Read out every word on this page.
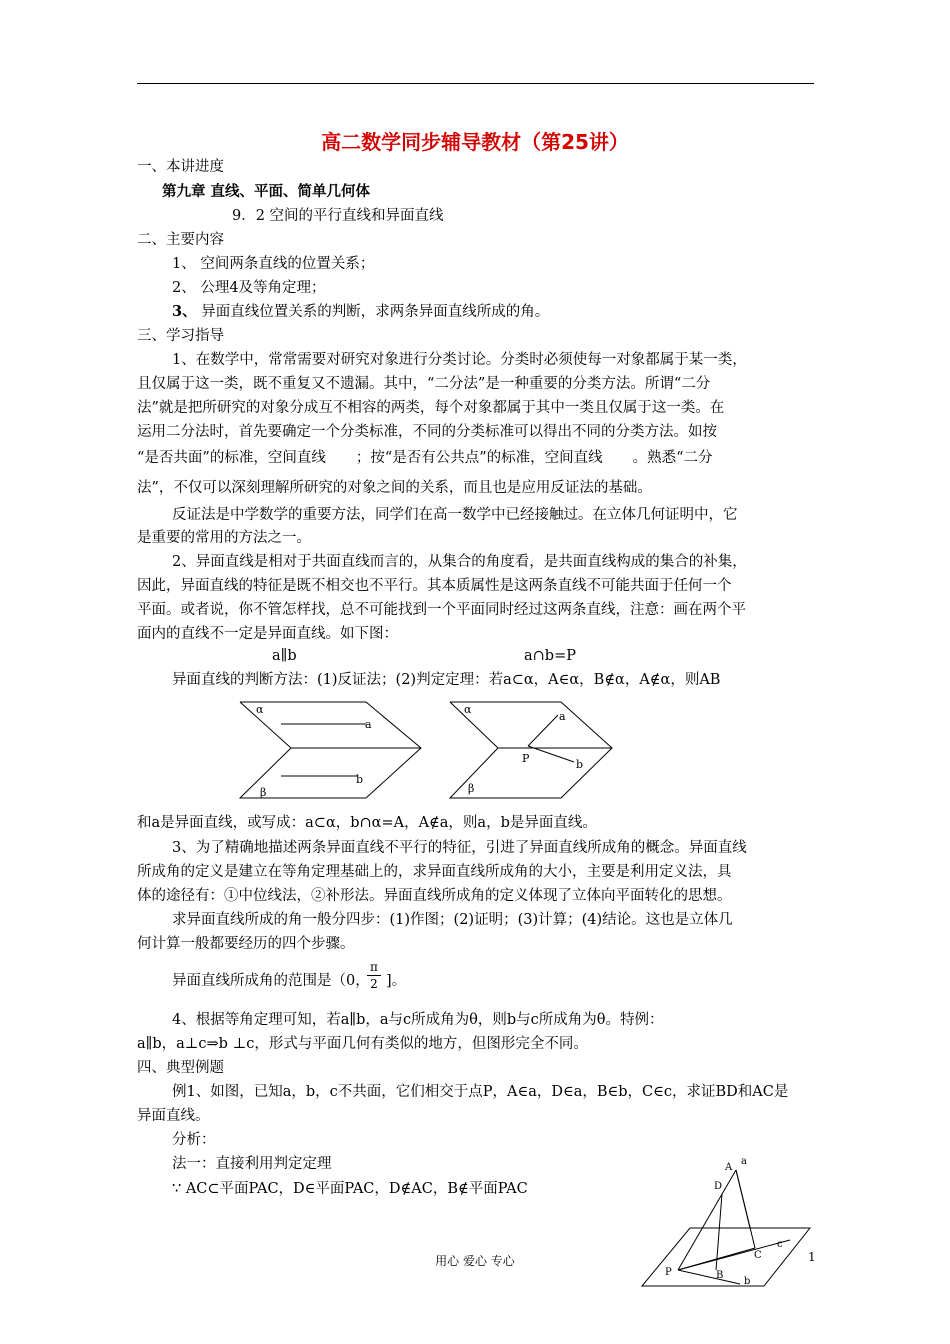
高二数学同步辅导教材（第25讲）
一、本讲进度
第九章 直线、平面、简单几何体
9．2 空间的平行直线和异面直线
二、主要内容
1、 空间两条直线的位置关系；
2、 公理4及等角定理；
3、 异面直线位置关系的判断，求两条异面直线所成的角。
三、学习指导
1、在数学中，常常需要对研究对象进行分类讨论。分类时必须使每一对象都属于某一类，
且仅属于这一类，既不重复又不遗漏。其中，“二分法”是一种重要的分类方法。所谓“二分
法”就是把所研究的对象分成互不相容的两类，每个对象都属于其中一类且仅属于这一类。在
运用二分法时，首先要确定一个分类标准，不同的分类标准可以得出不同的分类方法。如按
“是否共面”的标准，空间直线 ；按“是否有公共点”的标准，空间直线 。熟悉“二分
法”，不仅可以深刻理解所研究的对象之间的关系，而且也是应用反证法的基础。
反证法是中学数学的重要方法，同学们在高一数学中已经接触过。在立体几何证明中，它
是重要的常用的方法之一。
2、异面直线是相对于共面直线而言的，从集合的角度看，是共面直线构成的集合的补集，
因此，异面直线的特征是既不相交也不平行。其本质属性是这两条直线不可能共面于任何一个
平面。或者说，你不管怎样找，总不可能找到一个平面同时经过这两条直线，注意：画在两个平
面内的直线不一定是异面直线。如下图：
a∥b	a∩b=P
异面直线的判断方法：(1)反证法；(2)判定定理：若a⊂α，A∈α，B∉α，A∉α，则AB
α
a
b
β
α
a
P	b
β
和a是异面直线，或写成：a⊂α，b∩α=A，A∉a，则a，b是异面直线。
3、为了精确地描述两条异面直线不平行的特征，引进了异面直线所成角的概念。异面直线
所成角的定义是建立在等角定理基础上的，求异面直线所成角的大小，主要是利用定义法，具
体的途径有：①中位线法，②补形法。异面直线所成角的定义体现了立体向平面转化的思想。
求异面直线所成的角一般分四步：(1)作图；(2)证明；(3)计算；(4)结论。这也是立体几
何计算一般都要经历的四个步骤。
异面直线所成角的范围是（0，
π
2 ]。
4、根据等角定理可知，若a∥b，a与c所成角为θ，则b与c所成角为θ。特例：
a∥b，a⊥c⇒b ⊥c，形式与平面几何有类似的地方，但图形完全不同。
四、典型例题
例1、如图，已知a，b，c不共面，它们相交于点P，A∈a，D∈a，B∈b，C∈c，求证BD和AC是
异面直线。
分析：
法一：直接利用判定定理
∵ AC⊂平面PAC，D∈平面PAC，D∉AC，B∉平面PAC
A
a
D
C
c
P	B
b
用心 爱心 专心	1
